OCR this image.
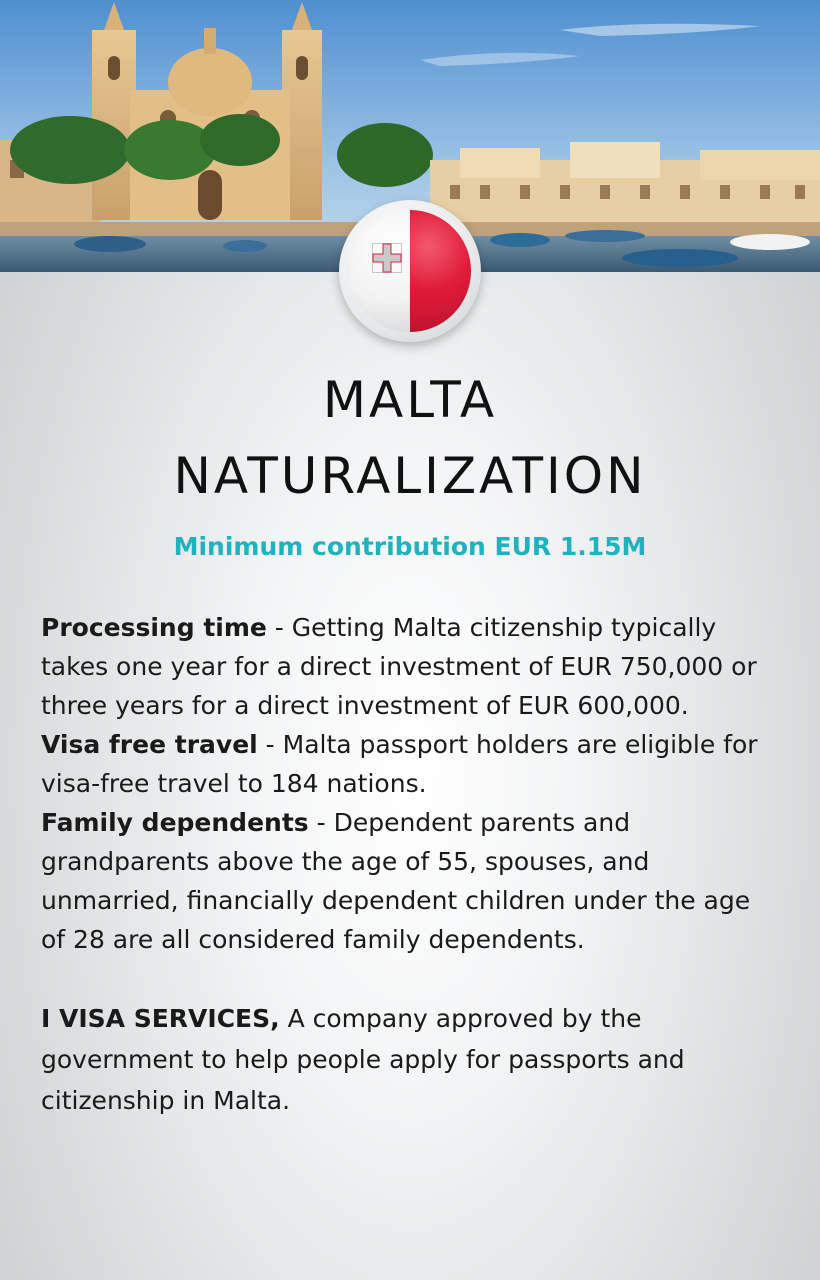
MALTA
NATURALIZATION

Minimum contribution EUR 1.15M

Processing time - Getting Malta citizenship typically takes one year for a direct investment of EUR 750,000 or three years for a direct investment of EUR 600,000.

Visa free travel - Malta passport holders are eligible for visa-free travel to 184 nations.

Family dependents - Dependent parents and grandparents above the age of 55, spouses, and unmarried, financially dependent children under the age of 28 are all considered family dependents.

I VISA SERVICES, A company approved by the government to help people apply for passports and citizenship in Malta.
